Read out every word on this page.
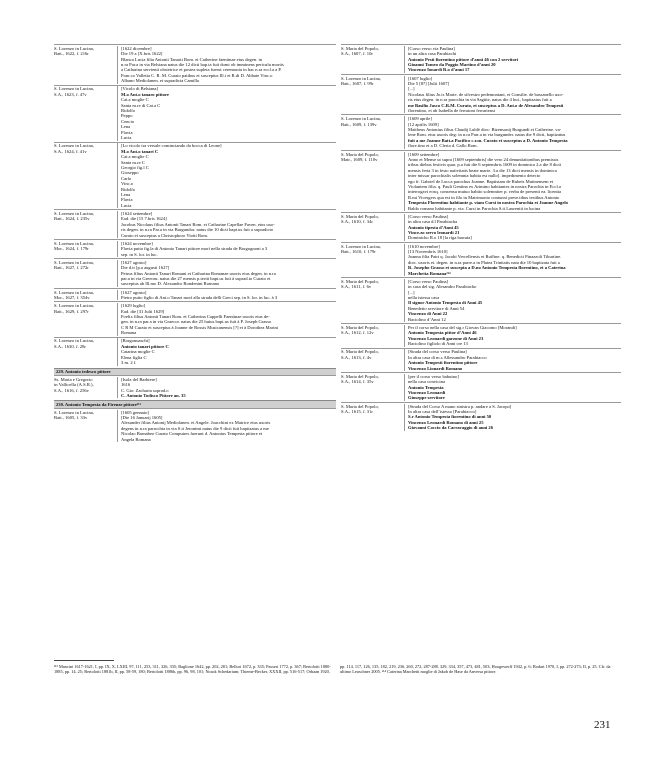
S. Lorenzo in Lucina,
Batt., 1622, f. 216r
[1622 dicembre]
Die 19 a [X.bris 1622]
Blanca Lucia filia Antonii Tanarii Rom. et Catherine faentinae eius degen. in
n.ra Par.a in via Belsiana natus die 12 dicti bap.ta fuit domi ob imminens periculu mortis
a Catharina servienti obstetrice et postea supleta fuerut ceremonia in hac n.ra eccl.a a P.
Fran.co Valletta C. R. M. Curato patibus et susceptus Ill.i et R.di D. Abbate Vinc.o
Albano Mediolanen. et supradicta Camilla
S. Lorenzo in Lucina,
S.A., 1623, f. 47v
[Vicolo di Belsiana]
M.o Ant.o tanaro pittore
Cat.a moglie C
Santa m.re di Cat.a C
Ridolfo
Peppo
Cencio
Lena
Flavia
Lucia
S. Lorenzo in Lucina,
S.A., 1624, f. 41v
[Lo vicolo tra versale cominciando da bocca di Leone]
M.o Ant.o tanari C
Cat.a moglie C
Santa m.re C
Georgio fig.l C
Gioseppo
Carlo
Vinc.o
Ridolfo
Lena
Flavia
Lucia
S. Lorenzo in Lucina,
Batt., 1624, f. 235v
[1624 settembre]
Ead. die [15 7.bris 1624]
Jacobus Nicolaus filius Antonii Tanari Rom. et Catharine Capellae Faven. eius uxo-
ris degen. in n.ra Par.a in via Burgundor. natus die 10 dicti bapt.us fuit a supradicto
Curato et susceptus a Christophoro Viotti Rom.
S. Lorenzo in Lucina,
Mor., 1624, f. 179r
[1624 novembre]
Flavia putta fig.la di Antonio Tanari pittore morì nella strada de Borgognoni a 3
sep. in S. lor. in luc.
S. Lorenzo in Lucina,
Batt., 1627, f. 272r
[1627 agosto]
Die d.tt [p.a augusti 1627]
Petrus filius Antonii Tanari Romani et Catharina Romanae uxoris eius degen. in n.ra
par.a in via Greeoru. natus die 27 mensis p.teriti bapt.us fuit à suprad.to Curato et
susceptus ab Ill.mo D. Alexandro Rondenini Romano
S. Lorenzo in Lucina,
Mor., 1627, f. 354v
[1627 agosto]
Pietro putto figlio di Ant.o Tanari morì alla strada delli Greci sep. in S. lor. in luc. à 3
S. Lorenzo in Lucina,
Batt., 1629, f. 297r
[1629 luglio]
Ead. die [31 Julii 1629]
Foelix filius Antonii Tanari Rom. et Catherina Cappelli Faentinae uxoris eius de-
gen. in n.ra par.a in via Graecor. natus die 25 huius bapt.us fuit à P. Joseph Grasso
C R M Curato et susceptus à Joanne de Rossis Musicanensis [?] et à Dorothea Marini
Romana
S. Lorenzo in Lucina,
S.A., 1630, f. 28r
[Borgonuaschi]
Antonio tanari pittore C
Catarina moglie C
Elena figlia C
3 m. 2 f.
229. Antonio tedesco pittore
Ss. Maria e Gregorio
in Vallicella (A.S.R.),
S.A., 1616, f. 256v
[Isola del Barbiere]
1616
C. Gio: Zacharia soprad.o
C. Antonio Todisco Pittore an. 35
230. Antonio Tempesta da Firenze pittore²¹³
S. Lorenzo in Lucina,
Batt., 1605, f. 33v
[1605 gennaio]
[Die 16 Januarij 1605]
Alexander filius Antonij Mediolanen. et Angele. Joacchini ex Matrice eius uxoris
degens in n.ra parrochia in via S.ti Jeronimi natus die 9 dicti fuit baptizatus a me
Nicolao Barnabeo Curato Computres fuerunt d. Antonius Tempesta pittore et
Angela Romana
S. Maria del Popolo,
S.A., 1607, f. 10r
[Corso verso via Paulina]
in un altra casa Parabiachi
Antonio Pesti fiorentino pittore d’anni 46 con 2 servitori
Gioanni Tomeo da Poggio Martino d’anni 20
Vincenzo Ionardi R.o d’anni 17
S. Lorenzo in Lucina,
Batt., 1607, f. 99r
[1607 luglio]
Die 5 [8?] [Julii 1607]
[...]
Nicolaus filius Jo.is Marie. de silvestro pedemontani, et Consilie. de bassanello uxo-
ris eius degen. in n.ra parochia in via Sagitte, natus die 4 hui., baptizatus fuit a
me Basilio Jasco C.R.M. Curato, et susceptus a D. Ant.o de Alexandro Tempesti
florentino, et ab Isabella de ferratoni ferrariensi
S. Lorenzo in Lucina,
Batt., 1609, f. 139v
[1609 aprile]
[12 aprilis 1609]
Mattheus Antonius filius Claudij Lublè dioc: Bizensonij Burgundi et Catherine. va-
lene Rom. eius uxoris deg: in n.ra Parr.a in via burgunder. natus die 9 dicti, baptizatus
fuit a me Joanne Batt.a Pacifico c.r.m. Curato et susceptus a D. Antonio Tempesta
flore.tino et a D. Cleria d. Gallo Rom.
S. Maria del Popolo,
Matr., 1609, f. 110v
[1609 settembre]
Anno et Mense ut supra [1609 septembris] die vero 24 denuntiationibus premissis
tribus diebus festivis quar. p.a fuit die 6 septembris 1609 in dominica 2.a die 8 dicti
mensis feria 3 in festo nativitatis beate marie. 3.a die 13 dicti mensis in dominica
inter missar parochialis solemnia habita est nullo]. impedimento detecto
ego fr. Gabriel de Lucca parochus Joanne. Baptistam de Rubeis Mutinensem et
Violantem filia. q. Pauli Gentina ex Arimino habitantes in nostra Parochia in Eccl.a
interrogavi eosq. consensu mutuo habito solemniter p. verba de presenti ea. licentia
R.mi Vicesgers qua est in filo in Matrimonio coniunxi prese.tibus testibus Antonio
Tempesta Florentino habitante p. viam Cursi in nostra Parochia et Joanne Angelo
Baldo romano habitante p. via. Cursi in Parochia S.ti Laurentii in lucina
S. Maria del Popolo,
S.A., 1610, f. 34r
[Corso verso Paulina]
in altra casa d.l Parabiacha
Antonio tipesta d’Anni 45
Vince.zo servo leonardi 21
Dominicho R.o 18 [la riga barrata]
S. Lorenzo in Lucina,
Batt., 1610, f. 179r
[1610 novembre]
[13 Novembris 1610]
Joanna filia Patri q. Jacobi Vercellensis et Ruffine. q. Benedicti Pinazzoli Tiburtine.
dioc. uxoris ei. degen. in n.ra parre.a in Platea Trinitatis nata die 10 baptizata fuit a
R. Josepho Grasso et suscepta a D.no Antonio Tempesta florentino, et a Caterina
Marchetta Romana²¹⁴
S. Maria del Popolo,
S.A., 1611, f. 6v
[Corso verso Paulina]
in casa del sig. Alesandro Parabiacho
[...]
nella istessa casa
Il signor Antonio Tempesta di Anni 45
Benedetto servitore di Anni 54
Vincenzo di Anni 22
Baciolino d’Anni 12
S. Maria del Popolo,
S.A., 1612, f. 12v
Per il corso nella casa del sig.r Giovan Giacomo [Morandi]
Antonio Tempesta pittor d’Anni 46
Vincenzo Leonardi garzone di Anni 23
Baciolino figliolo di Anni cre 13
S. Maria del Popolo,
S.A., 1613, f. 4v
[Strada del corso verso Paulina]
In altra casa di m.s Allessandro Parabiacco
Antonio Tempesti fiorentino pittore
Vincenzo Lionardi Romano
S. Maria del Popolo,
S.A., 1614, f. 35v
[per il corso verso babuino]
nella casa convicina
Antonio Tempesta
Vincenzo Leonardi
Giuseppe servitore
S. Maria del Popolo,
S.A., 1615, f. 31r
[Strada del Corso A mano sinistra p. andare a S. Jacopo]
In altra casa dell’istesso [Parabiacco]
S.r Antonio Tempesta fiorentino di anni 50
Vincenzo Leonardi Romano di anni 25
Giovanni Coccio da Carravaggio di anni 26
²¹³ Mancini 1617-1621, I, pp. IX, X, LXIII, 97, 111, 253, 311, 326, 335; Baglione 1642, pp. 202, 281; Bellori 1672, p. 335; Passeri 1772, p. 367; Bertolotti 1880-1885, pp. 14, 25; Bertolotti 1881b, II, pp. 58-59, 180; Bertolotti 1886b, pp. 96, 98, 101; Noack Schedarium; Thieme-Becker, XXXII, pp. 516-517; Orbaan 1920,
pp. 114, 117, 126, 135, 182, 219, 236, 260, 272, 287-288, 329, 334, 357, 473, 481, 503; Hoogewerff 1942, p. 6; Bodart 1970, I, pp. 272-273; II, p. 25. Cfr. da ultimo Leuschner 2005. ²¹⁴ Caterina Marchetti moglie di Jakob de Hase da Anversa pittore.
231
